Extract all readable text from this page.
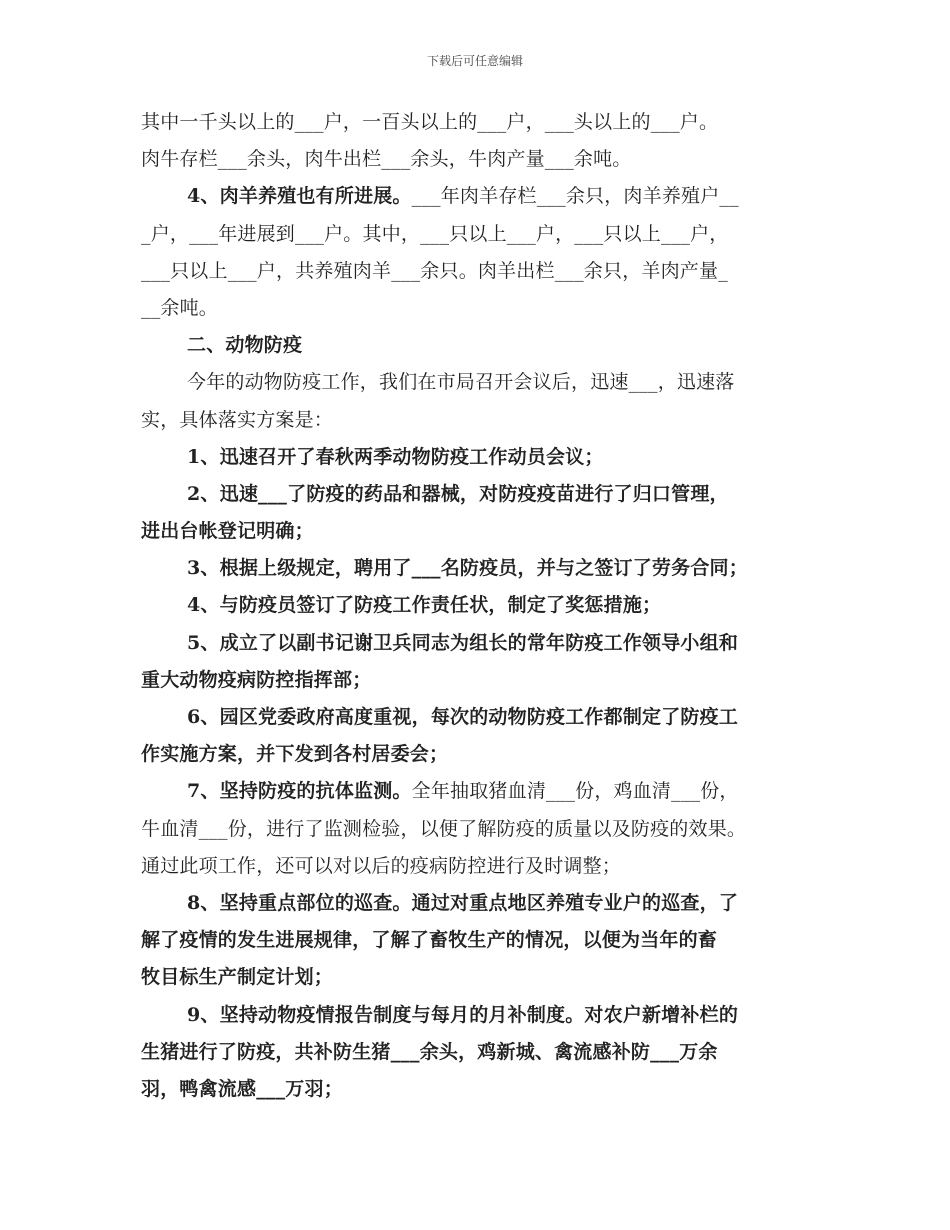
下载后可任意编辑
其中一千头以上的___户，一百头以上的___户，___头以上的___户。
肉牛存栏___余头，肉牛出栏___余头，牛肉产量___余吨。
4、肉羊养殖也有所进展。___年肉羊存栏___余只，肉羊养殖户__
_户，___年进展到___户。其中，___只以上___户，___只以上___户，
___只以上___户，共养殖肉羊___余只。肉羊出栏___余只，羊肉产量_
__余吨。
二、动物防疫
今年的动物防疫工作，我们在市局召开会议后，迅速___，迅速落
实，具体落实方案是：
1、迅速召开了春秋两季动物防疫工作动员会议；
2、迅速___了防疫的药品和器械，对防疫疫苗进行了归口管理，
进出台帐登记明确；
3、根据上级规定，聘用了___名防疫员，并与之签订了劳务合同；
4、与防疫员签订了防疫工作责任状，制定了奖惩措施；
5、成立了以副书记谢卫兵同志为组长的常年防疫工作领导小组和
重大动物疫病防控指挥部；
6、园区党委政府高度重视，每次的动物防疫工作都制定了防疫工
作实施方案，并下发到各村居委会；
7、坚持防疫的抗体监测。全年抽取猪血清___份，鸡血清___份，
牛血清___份，进行了监测检验，以便了解防疫的质量以及防疫的效果。
通过此项工作，还可以对以后的疫病防控进行及时调整；
8、坚持重点部位的巡查。通过对重点地区养殖专业户的巡查，了
解了疫情的发生进展规律，了解了畜牧生产的情况，以便为当年的畜
牧目标生产制定计划；
9、坚持动物疫情报告制度与每月的月补制度。对农户新增补栏的
生猪进行了防疫，共补防生猪___余头，鸡新城、禽流感补防___万余
羽，鸭禽流感___万羽；
